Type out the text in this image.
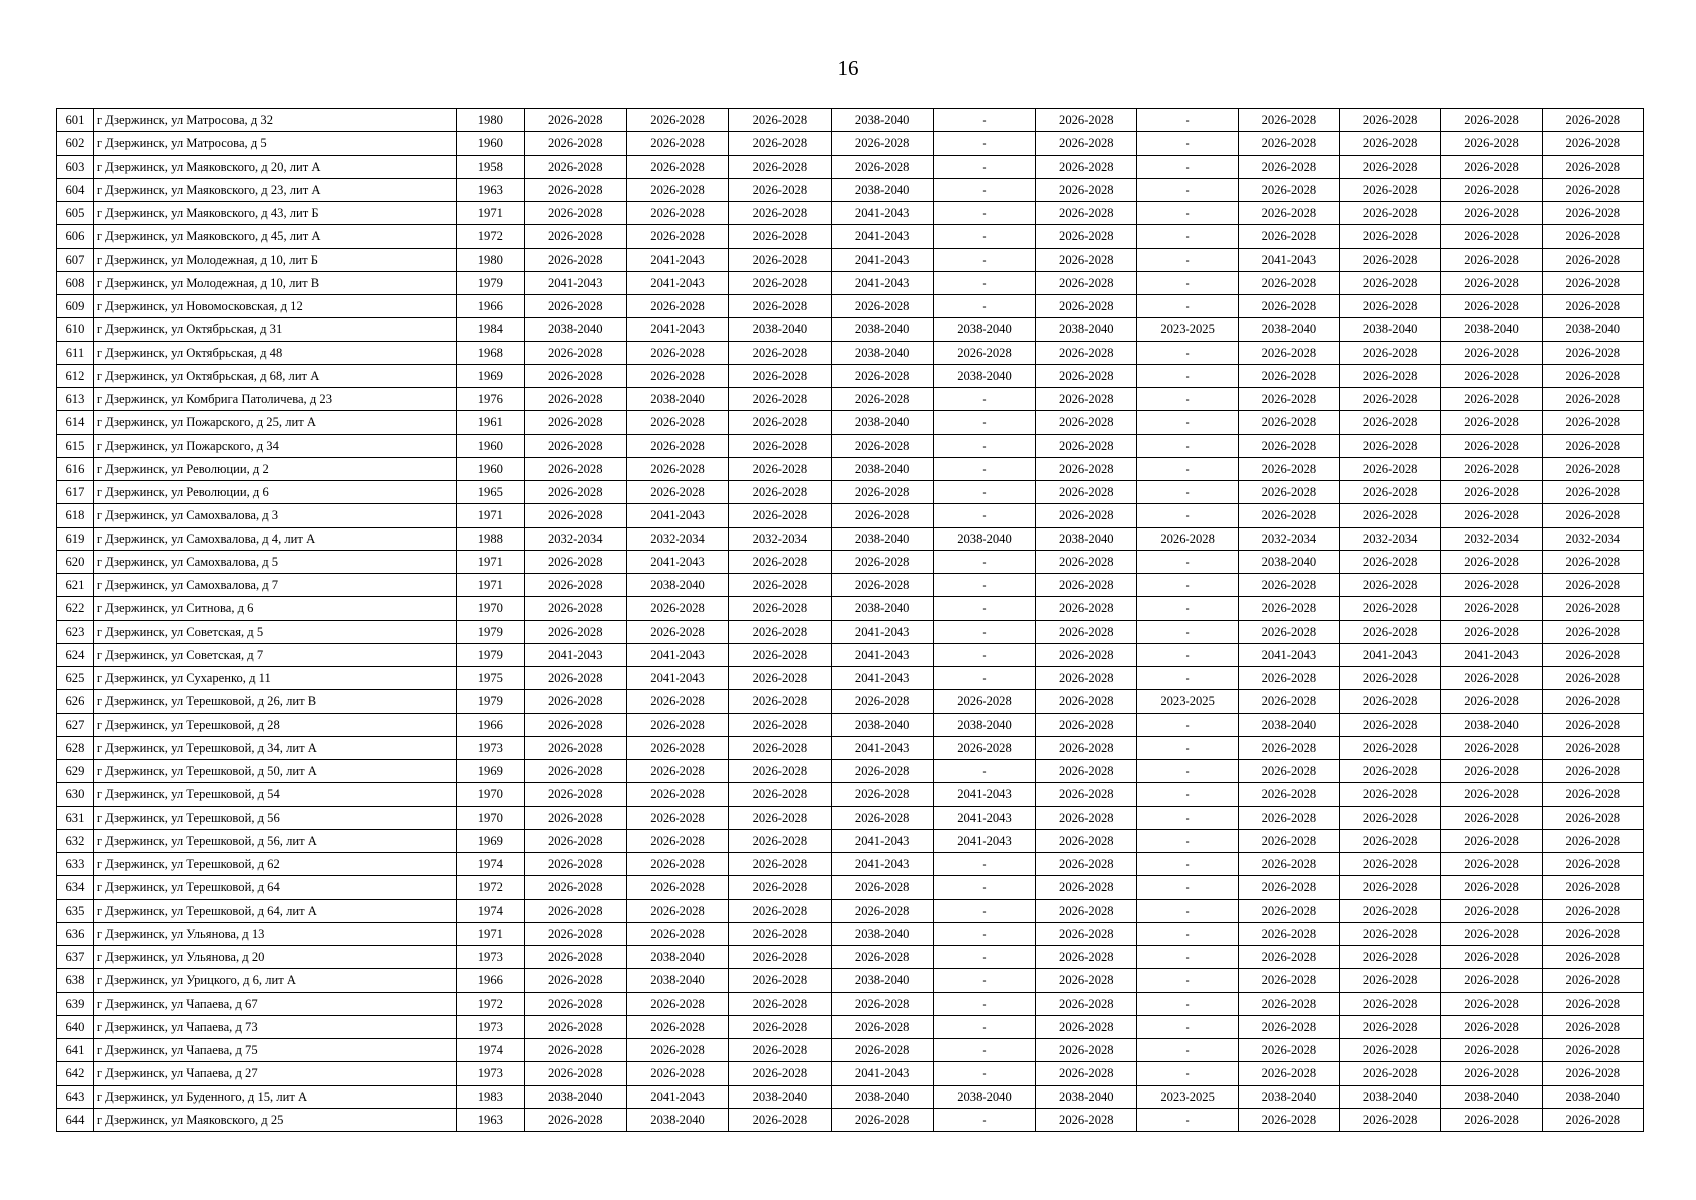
16
601	г Дзержинск, ул Матросова, д 32	1980	2026-2028	2026-2028	2026-2028	2038-2040	-	2026-2028	-	2026-2028	2026-2028	2026-2028	2026-2028
602	г Дзержинск, ул Матросова, д 5	1960	2026-2028	2026-2028	2026-2028	2026-2028	-	2026-2028	-	2026-2028	2026-2028	2026-2028	2026-2028
603	г Дзержинск, ул Маяковского, д 20, лит А	1958	2026-2028	2026-2028	2026-2028	2026-2028	-	2026-2028	-	2026-2028	2026-2028	2026-2028	2026-2028
604	г Дзержинск, ул Маяковского, д 23, лит А	1963	2026-2028	2026-2028	2026-2028	2038-2040	-	2026-2028	-	2026-2028	2026-2028	2026-2028	2026-2028
605	г Дзержинск, ул Маяковского, д 43, лит Б	1971	2026-2028	2026-2028	2026-2028	2041-2043	-	2026-2028	-	2026-2028	2026-2028	2026-2028	2026-2028
606	г Дзержинск, ул Маяковского, д 45, лит А	1972	2026-2028	2026-2028	2026-2028	2041-2043	-	2026-2028	-	2026-2028	2026-2028	2026-2028	2026-2028
607	г Дзержинск, ул Молодежная, д 10, лит Б	1980	2026-2028	2041-2043	2026-2028	2041-2043	-	2026-2028	-	2041-2043	2026-2028	2026-2028	2026-2028
608	г Дзержинск, ул Молодежная, д 10, лит В	1979	2041-2043	2041-2043	2026-2028	2041-2043	-	2026-2028	-	2026-2028	2026-2028	2026-2028	2026-2028
609	г Дзержинск, ул Новомосковская, д 12	1966	2026-2028	2026-2028	2026-2028	2026-2028	-	2026-2028	-	2026-2028	2026-2028	2026-2028	2026-2028
610	г Дзержинск, ул Октябрьская, д 31	1984	2038-2040	2041-2043	2038-2040	2038-2040	2038-2040	2038-2040	2023-2025	2038-2040	2038-2040	2038-2040	2038-2040
611	г Дзержинск, ул Октябрьская, д 48	1968	2026-2028	2026-2028	2026-2028	2038-2040	2026-2028	2026-2028	-	2026-2028	2026-2028	2026-2028	2026-2028
612	г Дзержинск, ул Октябрьская, д 68, лит А	1969	2026-2028	2026-2028	2026-2028	2026-2028	2038-2040	2026-2028	-	2026-2028	2026-2028	2026-2028	2026-2028
613	г Дзержинск, ул Комбрига Патоличева, д 23	1976	2026-2028	2038-2040	2026-2028	2026-2028	-	2026-2028	-	2026-2028	2026-2028	2026-2028	2026-2028
614	г Дзержинск, ул Пожарского, д 25, лит А	1961	2026-2028	2026-2028	2026-2028	2038-2040	-	2026-2028	-	2026-2028	2026-2028	2026-2028	2026-2028
615	г Дзержинск, ул Пожарского, д 34	1960	2026-2028	2026-2028	2026-2028	2026-2028	-	2026-2028	-	2026-2028	2026-2028	2026-2028	2026-2028
616	г Дзержинск, ул Революции, д 2	1960	2026-2028	2026-2028	2026-2028	2038-2040	-	2026-2028	-	2026-2028	2026-2028	2026-2028	2026-2028
617	г Дзержинск, ул Революции, д 6	1965	2026-2028	2026-2028	2026-2028	2026-2028	-	2026-2028	-	2026-2028	2026-2028	2026-2028	2026-2028
618	г Дзержинск, ул Самохвалова, д 3	1971	2026-2028	2041-2043	2026-2028	2026-2028	-	2026-2028	-	2026-2028	2026-2028	2026-2028	2026-2028
619	г Дзержинск, ул Самохвалова, д 4, лит А	1988	2032-2034	2032-2034	2032-2034	2038-2040	2038-2040	2038-2040	2026-2028	2032-2034	2032-2034	2032-2034	2032-2034
620	г Дзержинск, ул Самохвалова, д 5	1971	2026-2028	2041-2043	2026-2028	2026-2028	-	2026-2028	-	2038-2040	2026-2028	2026-2028	2026-2028
621	г Дзержинск, ул Самохвалова, д 7	1971	2026-2028	2038-2040	2026-2028	2026-2028	-	2026-2028	-	2026-2028	2026-2028	2026-2028	2026-2028
622	г Дзержинск, ул Ситнова, д 6	1970	2026-2028	2026-2028	2026-2028	2038-2040	-	2026-2028	-	2026-2028	2026-2028	2026-2028	2026-2028
623	г Дзержинск, ул Советская, д 5	1979	2026-2028	2026-2028	2026-2028	2041-2043	-	2026-2028	-	2026-2028	2026-2028	2026-2028	2026-2028
624	г Дзержинск, ул Советская, д 7	1979	2041-2043	2041-2043	2026-2028	2041-2043	-	2026-2028	-	2041-2043	2041-2043	2041-2043	2026-2028
625	г Дзержинск, ул Сухаренко, д 11	1975	2026-2028	2041-2043	2026-2028	2041-2043	-	2026-2028	-	2026-2028	2026-2028	2026-2028	2026-2028
626	г Дзержинск, ул Терешковой, д 26, лит В	1979	2026-2028	2026-2028	2026-2028	2026-2028	2026-2028	2026-2028	2023-2025	2026-2028	2026-2028	2026-2028	2026-2028
627	г Дзержинск, ул Терешковой, д 28	1966	2026-2028	2026-2028	2026-2028	2038-2040	2038-2040	2026-2028	-	2038-2040	2026-2028	2038-2040	2026-2028
628	г Дзержинск, ул Терешковой, д 34, лит А	1973	2026-2028	2026-2028	2026-2028	2041-2043	2026-2028	2026-2028	-	2026-2028	2026-2028	2026-2028	2026-2028
629	г Дзержинск, ул Терешковой, д 50, лит А	1969	2026-2028	2026-2028	2026-2028	2026-2028	-	2026-2028	-	2026-2028	2026-2028	2026-2028	2026-2028
630	г Дзержинск, ул Терешковой, д 54	1970	2026-2028	2026-2028	2026-2028	2026-2028	2041-2043	2026-2028	-	2026-2028	2026-2028	2026-2028	2026-2028
631	г Дзержинск, ул Терешковой, д 56	1970	2026-2028	2026-2028	2026-2028	2026-2028	2041-2043	2026-2028	-	2026-2028	2026-2028	2026-2028	2026-2028
632	г Дзержинск, ул Терешковой, д 56, лит А	1969	2026-2028	2026-2028	2026-2028	2041-2043	2041-2043	2026-2028	-	2026-2028	2026-2028	2026-2028	2026-2028
633	г Дзержинск, ул Терешковой, д 62	1974	2026-2028	2026-2028	2026-2028	2041-2043	-	2026-2028	-	2026-2028	2026-2028	2026-2028	2026-2028
634	г Дзержинск, ул Терешковой, д 64	1972	2026-2028	2026-2028	2026-2028	2026-2028	-	2026-2028	-	2026-2028	2026-2028	2026-2028	2026-2028
635	г Дзержинск, ул Терешковой, д 64, лит А	1974	2026-2028	2026-2028	2026-2028	2026-2028	-	2026-2028	-	2026-2028	2026-2028	2026-2028	2026-2028
636	г Дзержинск, ул Ульянова, д 13	1971	2026-2028	2026-2028	2026-2028	2038-2040	-	2026-2028	-	2026-2028	2026-2028	2026-2028	2026-2028
637	г Дзержинск, ул Ульянова, д 20	1973	2026-2028	2038-2040	2026-2028	2026-2028	-	2026-2028	-	2026-2028	2026-2028	2026-2028	2026-2028
638	г Дзержинск, ул Урицкого, д 6, лит А	1966	2026-2028	2038-2040	2026-2028	2038-2040	-	2026-2028	-	2026-2028	2026-2028	2026-2028	2026-2028
639	г Дзержинск, ул Чапаева, д 67	1972	2026-2028	2026-2028	2026-2028	2026-2028	-	2026-2028	-	2026-2028	2026-2028	2026-2028	2026-2028
640	г Дзержинск, ул Чапаева, д 73	1973	2026-2028	2026-2028	2026-2028	2026-2028	-	2026-2028	-	2026-2028	2026-2028	2026-2028	2026-2028
641	г Дзержинск, ул Чапаева, д 75	1974	2026-2028	2026-2028	2026-2028	2026-2028	-	2026-2028	-	2026-2028	2026-2028	2026-2028	2026-2028
642	г Дзержинск, ул Чапаева, д 27	1973	2026-2028	2026-2028	2026-2028	2041-2043	-	2026-2028	-	2026-2028	2026-2028	2026-2028	2026-2028
643	г Дзержинск, ул Буденного, д 15, лит А	1983	2038-2040	2041-2043	2038-2040	2038-2040	2038-2040	2038-2040	2023-2025	2038-2040	2038-2040	2038-2040	2038-2040
644	г Дзержинск, ул Маяковского, д 25	1963	2026-2028	2038-2040	2026-2028	2026-2028	-	2026-2028	-	2026-2028	2026-2028	2026-2028	2026-2028
